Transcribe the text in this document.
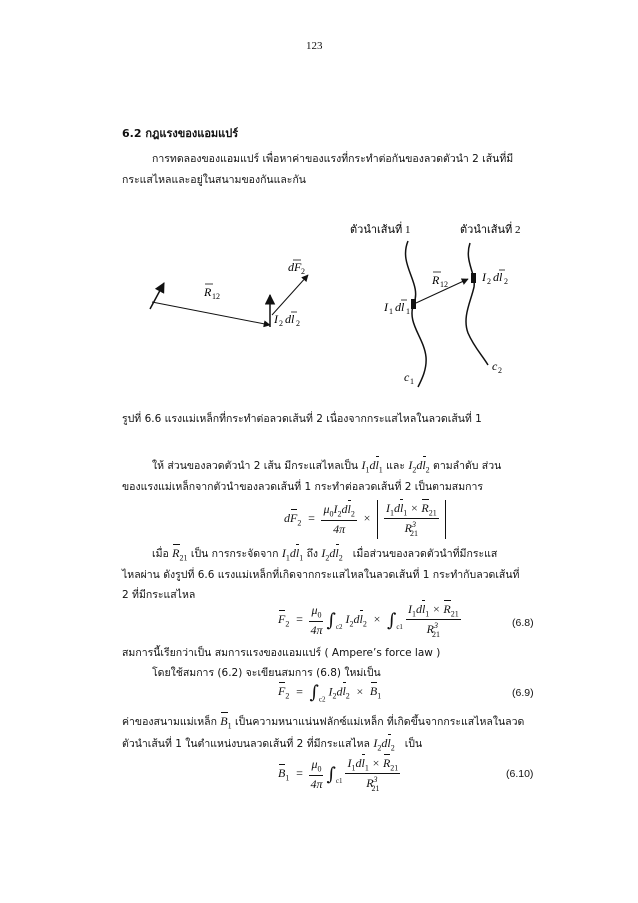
123
6.2 กฎแรงของแอมแปร์
การทดลองของแอมแปร์ เพื่อหาค่าของแรงที่กระทำต่อกันของลวดตัวนำ 2 เส้นที่มี
กระแสไหลและอยู่ในสนามของกันและกัน
ตัวนำเส้นที่ 1	ตัวนำเส้นที่ 2
R 12
dF 2
I 2 dl 2
R 12
I 2 dl 2
I 1 dl 1
c 1
c 2
รูปที่ 6.6 แรงแม่เหล็กที่กระทำต่อลวดเส้นที่ 2 เนื่องจากกระแสไหลในลวดเส้นที่ 1
ให้ ส่วนของลวดตัวนำ 2 เส้น มีกระแสไหลเป็น $I_1dl_1$ และ $I_2dl_2$ ตามลำดับ ส่วน
ของแรงแม่เหล็กจากตัวนำของลวดเส้นที่ 1 กระทำต่อลวดเส้นที่ 2 เป็นตามสมการ
$dF_2 = \frac{\mu_0I_2dl_2}{4\pi} \times \frac{I_1dl_1 \times R_{21}}{R^3_{21}}$
เมื่อ $R_{21}$ เป็น การกระจัดจาก $I_1dl_1$ ถึง $I_2dl_2$ เมื่อส่วนของลวดตัวนำที่มีกระแส
ไหลผ่าน ดังรูปที่ 6.6 แรงแม่เหล็กที่เกิดจากกระแสไหลในลวดเส้นที่ 1 กระทำกับลวดเส้นที่
2 ที่มีกระแสไหล
$F_2 = \frac{\mu_0}{4\pi} \int_{c2}$ $I_2dl_2 \times \int_{c1} \frac{I_1dl_1 \times R_{21}}{R^3_{21}}$	(6.8)
สมการนี้เรียกว่าเป็น สมการแรงของแอมแปร์ ( Ampere’s force law )
โดยใช้สมการ (6.2) จะเขียนสมการ (6.8) ใหม่เป็น
$F_2 = \int_{c2}$ $I_2dl_2 \times B_1$	(6.9)
ค่าของสนามแม่เหล็ก $B_1$ เป็นความหนาแน่นฟลักซ์แม่เหล็ก ที่เกิดขึ้นจากกระแสไหลในลวด
ตัวนำเส้นที่ 1 ในตำแหน่งบนลวดเส้นที่ 2 ที่มีกระแสไหล $I_2dl_2$ เป็น
$B_1 = \frac{\mu_0}{4\pi} \int_{c1} \frac{I_1dl_1 \times R_{21}}{R^3_{21}}$	(6.10)
